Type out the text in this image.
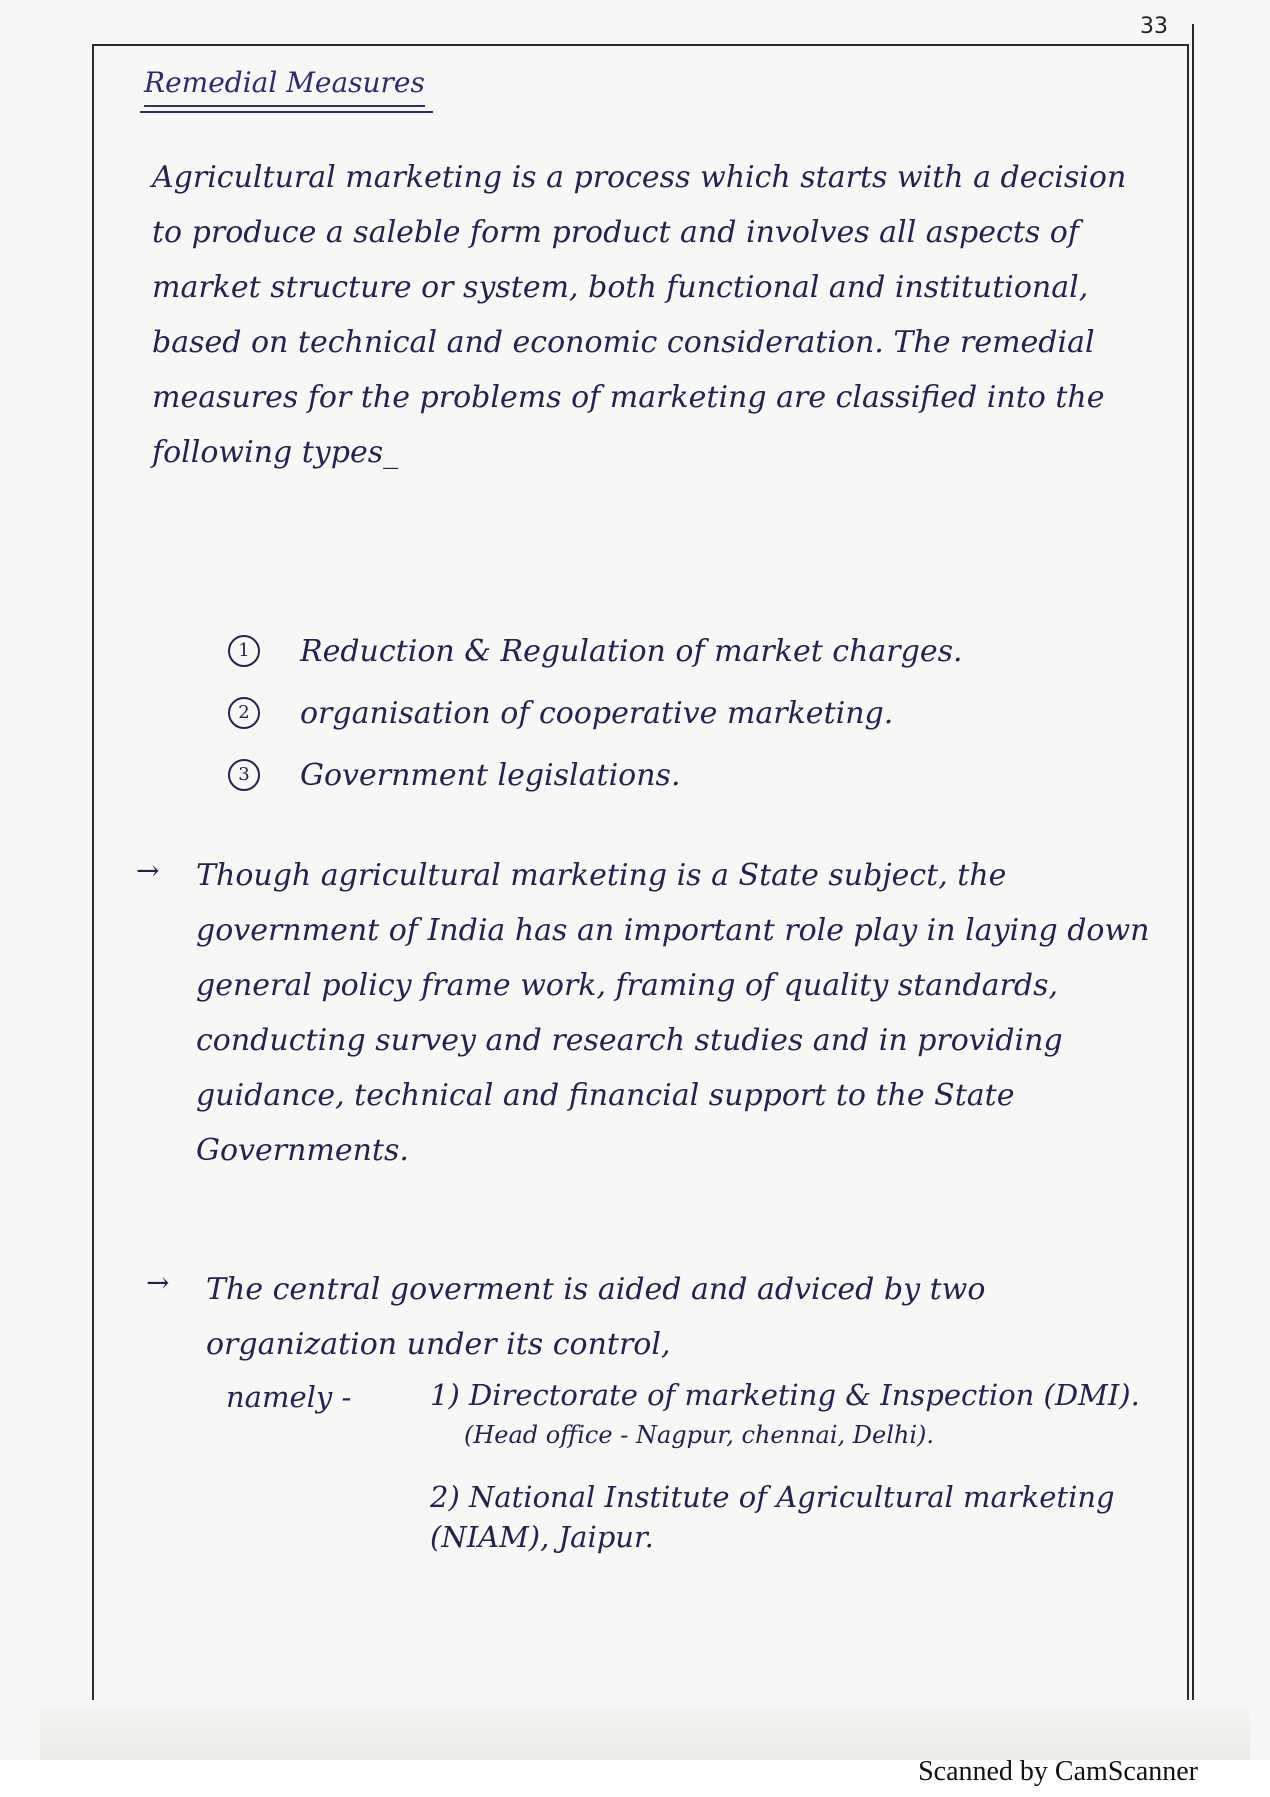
33
Remedial Measures

Agricultural marketing is a process which starts with a decision to produce a saleble form product and involves all aspects of market structure or system, both functional and institutional, based on technical and economic consideration. The remedial measures for the problems of marketing are classified into the following types_

1	Reduction & Regulation of market charges.
2	organisation of cooperative marketing.
3	Government legislations.
→ Though agricultural marketing is a State subject, the government of India has an important role play in laying down general policy frame work, framing of quality standards, conducting survey and research studies and in providing guidance, technical and financial support to the State Governments.

→ The central goverment is aided and adviced by two organization under its control,

namely -	1) Directorate of marketing & Inspection (DMI).
(Head office - Nagpur, chennai, Delhi).
2) National Institute of Agricultural marketing (NIAM), Jaipur.
Scanned by CamScanner
